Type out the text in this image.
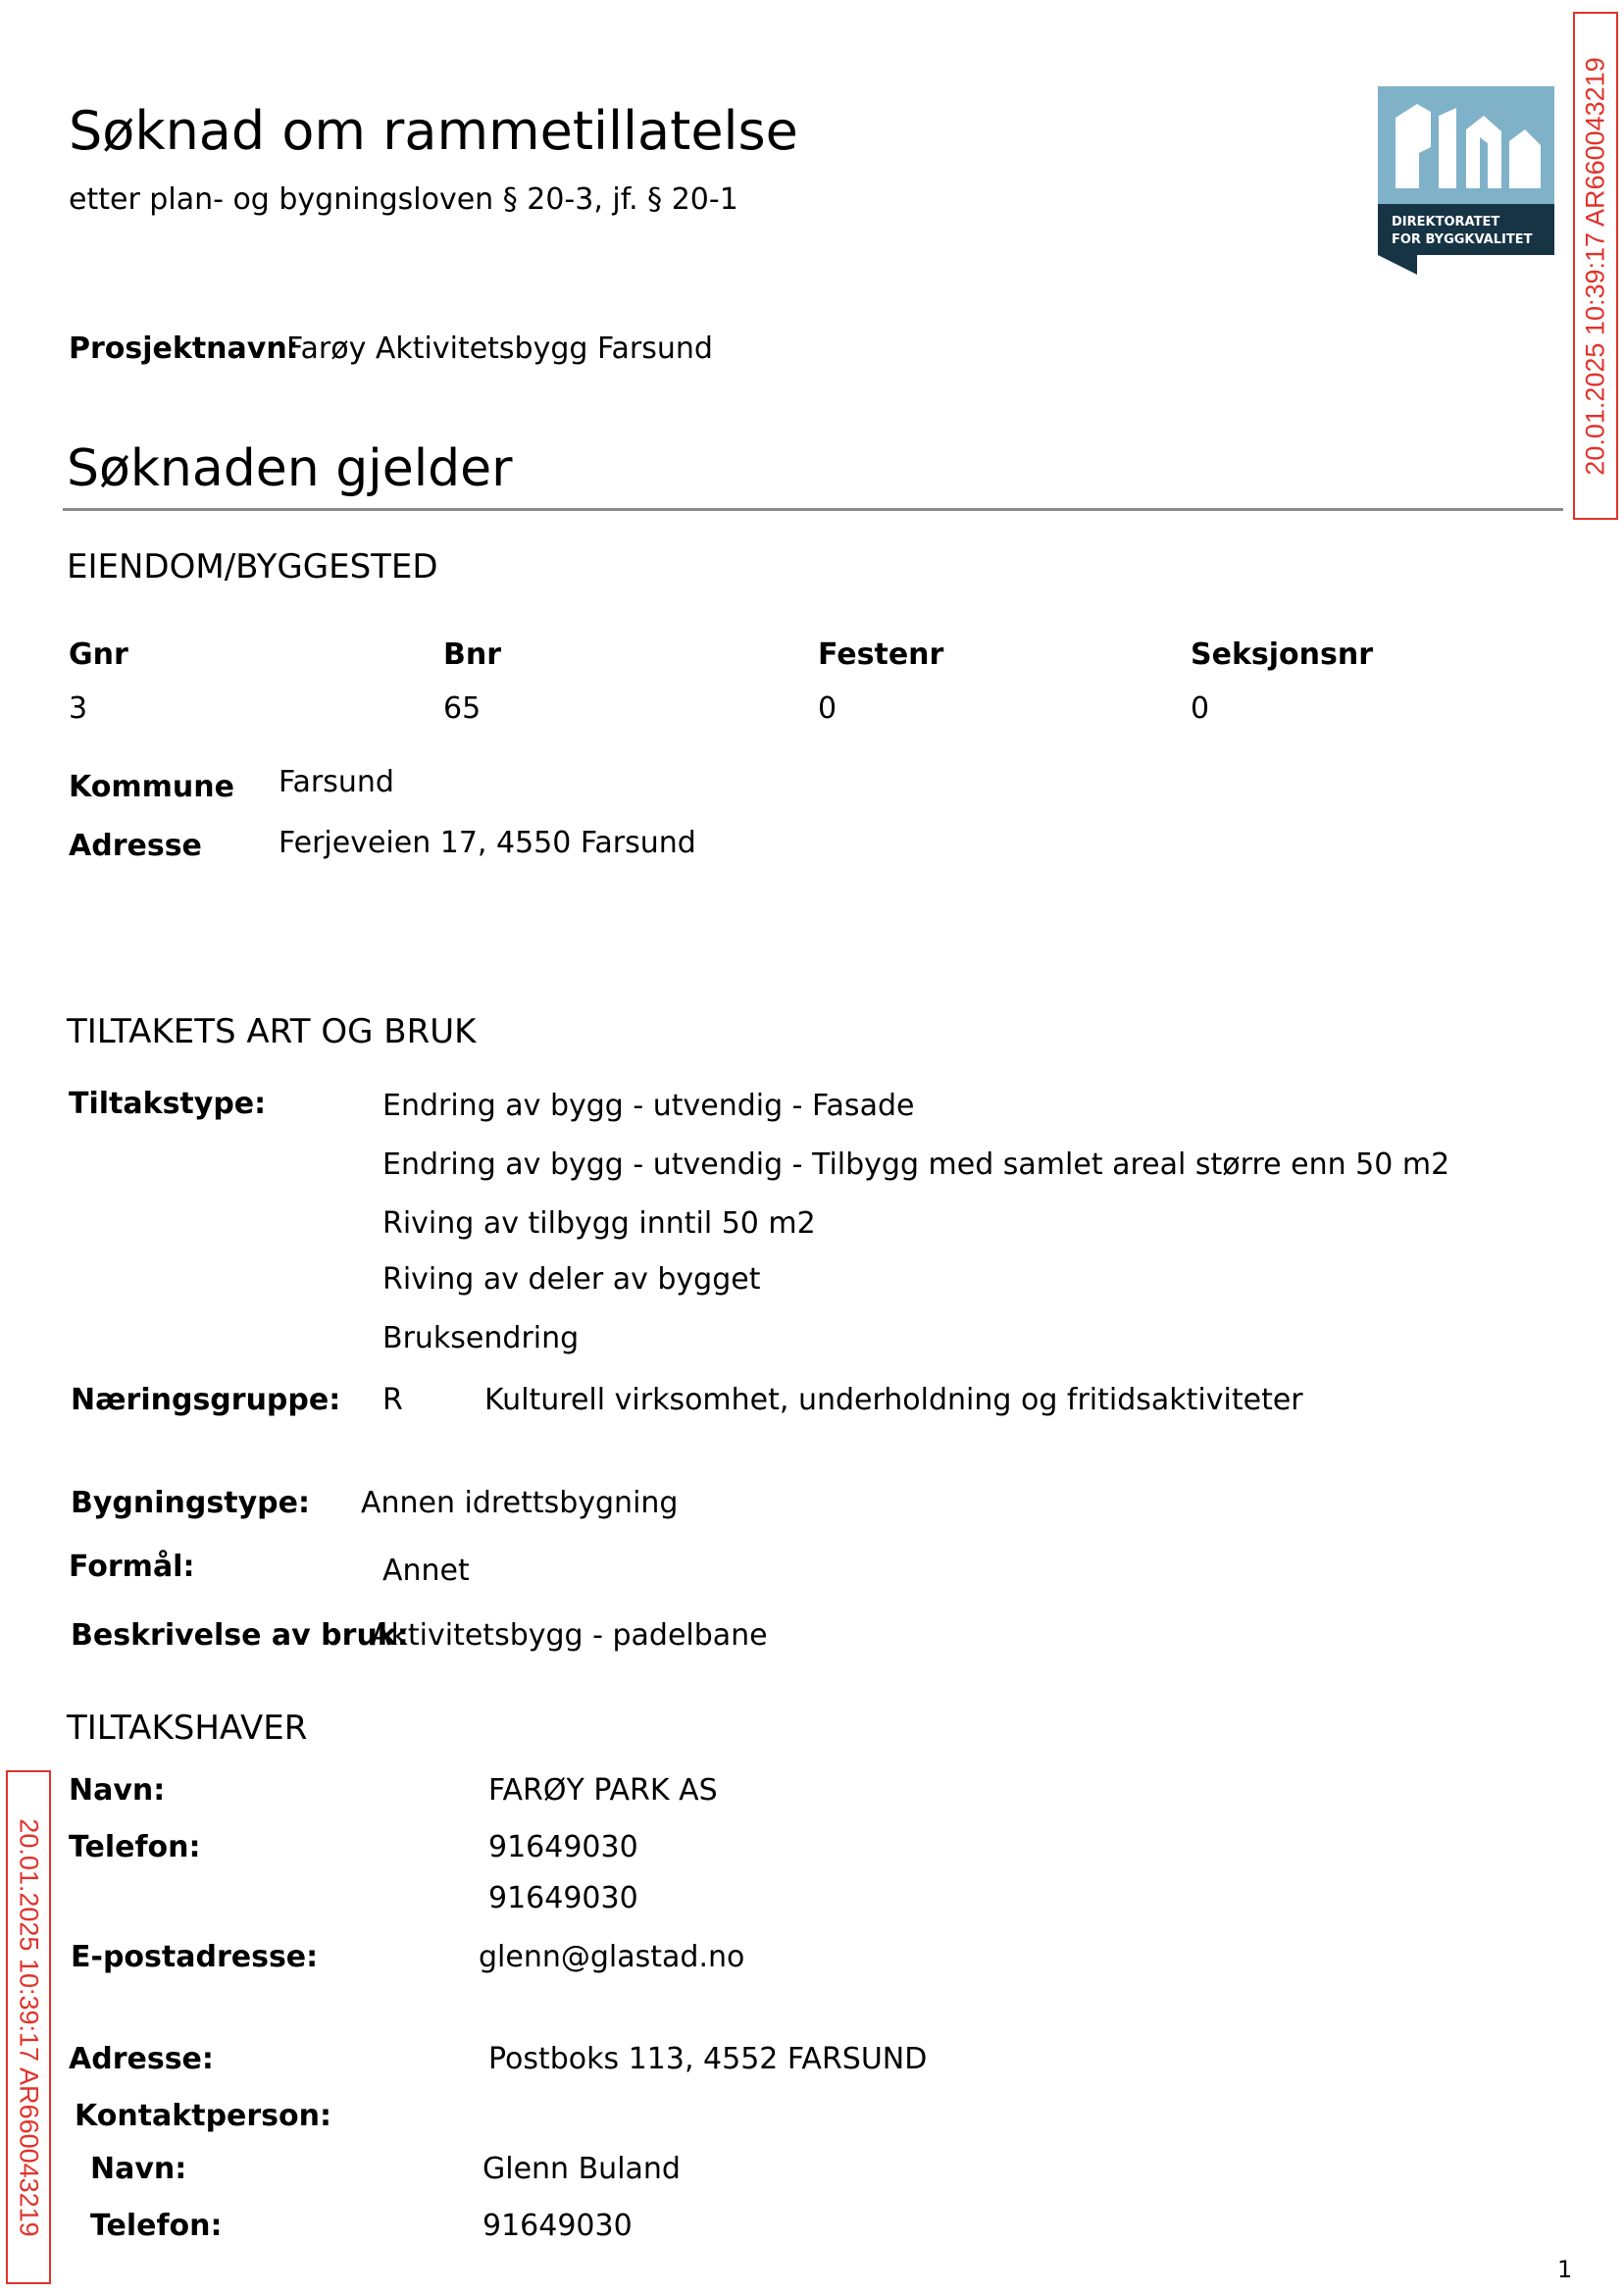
Søknad om rammetillatelse
etter plan- og bygningsloven § 20-3, jf. § 20-1
DIREKTORATET
FOR BYGGKVALITET
Prosjektnavn:
Farøy Aktivitetsbygg Farsund
Søknaden gjelder
EIENDOM/BYGGESTED
Gnr	Bnr	Festenr	Seksjonsnr
3	65	0	0
Kommune Farsund
Adresse	Ferjeveien 17, 4550 Farsund
TILTAKETS ART OG BRUK
Tiltakstype:	Endring av bygg - utvendig - Fasade
Endring av bygg - utvendig - Tilbygg med samlet areal større enn 50 m2
Riving av tilbygg inntil 50 m2
Riving av deler av bygget
Bruksendring
Næringsgruppe: R	Kulturell virksomhet, underholdning og fritidsaktiviteter
Bygningstype: Annen idrettsbygning
Formål:	Annet
Beskrivelse av bruk:
Aktivitetsbygg - padelbane
TILTAKSHAVER
Navn:	FARØY PARK AS
Telefon:	91649030
91649030
E-postadresse:	glenn@glastad.no
Adresse:	Postboks 113, 4552 FARSUND
Kontaktperson:
Navn:	Glenn Buland
Telefon:	91649030
20.01.2025 10:39:17 AR660043219
20.01.2025 10:39:17 AR660043219
1
